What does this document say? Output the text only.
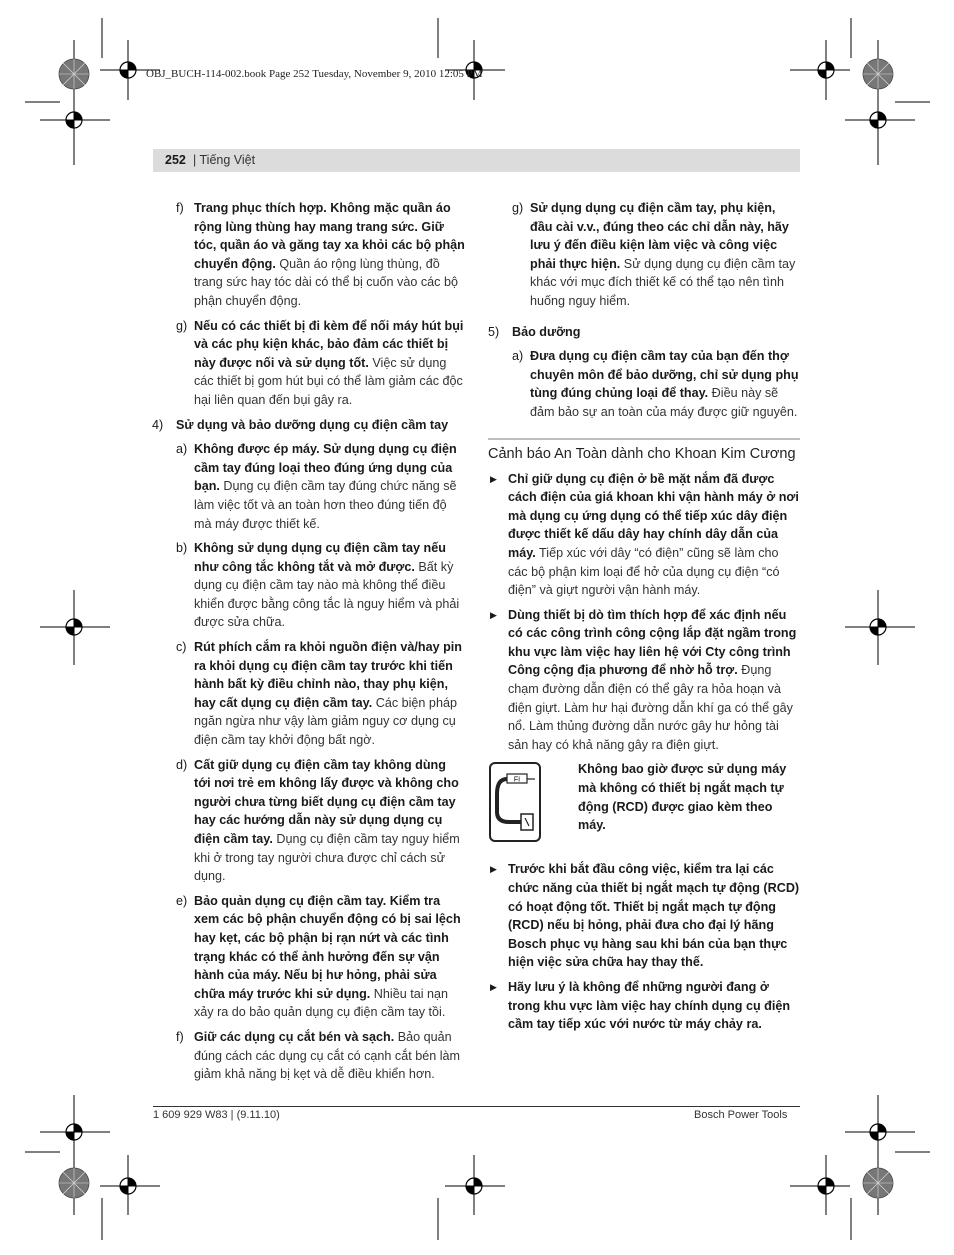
OBJ_BUCH-114-002.book Page 252 Tuesday, November 9, 2010 12:05 PM
252 | Tiếng Việt
f) Trang phục thích hợp. Không mặc quần áo rộng lùng thùng hay mang trang sức. Giữ tóc, quần áo và găng tay xa khỏi các bộ phận chuyển động. Quần áo rộng lùng thùng, đồ trang sức hay tóc dài có thể bị cuốn vào các bộ phận chuyển động.
g) Nếu có các thiết bị đi kèm để nối máy hút bụi và các phụ kiện khác, bảo đảm các thiết bị này được nối và sử dụng tốt. Việc sử dụng các thiết bị gom hút bụi có thể làm giảm các độc hại liên quan đến bụi gây ra.
4) Sử dụng và bảo dưỡng dụng cụ điện cầm tay
a) Không được ép máy. Sử dụng dụng cụ điện cầm tay đúng loại theo đúng ứng dụng của bạn. Dụng cụ điện cầm tay đúng chức năng sẽ làm việc tốt và an toàn hơn theo đúng tiến độ mà máy được thiết kế.
b) Không sử dụng dụng cụ điện cầm tay nếu như công tắc không tắt và mở được. Bất kỳ dụng cụ điện cầm tay nào mà không thể điều khiển được bằng công tắc là nguy hiểm và phải được sửa chữa.
c) Rút phích cắm ra khỏi nguồn điện và/hay pin ra khỏi dụng cụ điện cầm tay trước khi tiến hành bất kỳ điều chỉnh nào, thay phụ kiện, hay cất dụng cụ điện cầm tay. Các biện pháp ngăn ngừa như vậy làm giảm nguy cơ dụng cụ điện cầm tay khởi động bất ngờ.
d) Cất giữ dụng cụ điện cầm tay không dùng tới nơi trẻ em không lấy được và không cho người chưa từng biết dụng cụ điện cầm tay hay các hướng dẫn này sử dụng dụng cụ điện cầm tay. Dụng cụ điện cầm tay nguy hiểm khi ở trong tay người chưa được chỉ cách sử dụng.
e) Bảo quản dụng cụ điện cầm tay. Kiểm tra xem các bộ phận chuyển động có bị sai lệch hay kẹt, các bộ phận bị rạn nứt và các tình trạng khác có thể ảnh hưởng đến sự vận hành của máy. Nếu bị hư hỏng, phải sửa chữa máy trước khi sử dụng. Nhiều tai nạn xảy ra do bảo quản dụng cụ điện cầm tay tồi.
f) Giữ các dụng cụ cắt bén và sạch. Bảo quản đúng cách các dụng cụ cắt có cạnh cắt bén làm giảm khả năng bị kẹt và dễ điều khiển hơn.
g) Sử dụng dụng cụ điện cầm tay, phụ kiện, đầu cài v.v., đúng theo các chỉ dẫn này, hãy lưu ý đến điều kiện làm việc và công việc phải thực hiện. Sử dụng dụng cụ điện cầm tay khác với mục đích thiết kế có thể tạo nên tình huống nguy hiểm.
5) Bảo dưỡng
a) Đưa dụng cụ điện cầm tay của bạn đến thợ chuyên môn để bảo dưỡng, chỉ sử dụng phụ tùng đúng chủng loại để thay. Điều này sẽ đảm bảo sự an toàn của máy được giữ nguyên.
Cảnh báo An Toàn dành cho Khoan Kim Cương
▶ Chỉ giữ dụng cụ điện ở bề mặt nắm đã được cách điện của giá khoan khi vận hành máy ở nơi mà dụng cụ ứng dụng có thể tiếp xúc dây điện được thiết kế dấu dây hay chính dây dẫn của máy. Tiếp xúc với dây “có điện” cũng sẽ làm cho các bộ phận kim loại để hở của dụng cụ điện “có điện” và giựt người vận hành máy.
▶ Dùng thiết bị dò tìm thích hợp để xác định nếu có các công trình công cộng lắp đặt ngầm trong khu vực làm việc hay liên hệ với Cty công trình Công cộng địa phương để nhờ hỗ trợ. Đụng chạm đường dẫn điện có thể gây ra hỏa hoạn và điện giựt. Làm hư hại đường dẫn khí ga có thể gây nổ. Làm thủng đường dẫn nước gây hư hỏng tài sản hay có khả năng gây ra điện giựt.
FI
Không bao giờ được sử dụng máy mà không có thiết bị ngắt mạch tự động (RCD) được giao kèm theo máy.
▶ Trước khi bắt đầu công việc, kiểm tra lại các chức năng của thiết bị ngắt mạch tự động (RCD) có hoạt động tốt. Thiết bị ngắt mạch tự động (RCD) nếu bị hỏng, phải đưa cho đại lý hãng Bosch phục vụ hàng sau khi bán của bạn thực hiện việc sửa chữa hay thay thế.
▶ Hãy lưu ý là không để những người đang ở trong khu vực làm việc hay chính dụng cụ điện cầm tay tiếp xúc với nước từ máy chảy ra.
1 609 929 W83 | (9.11.10)	Bosch Power Tools
